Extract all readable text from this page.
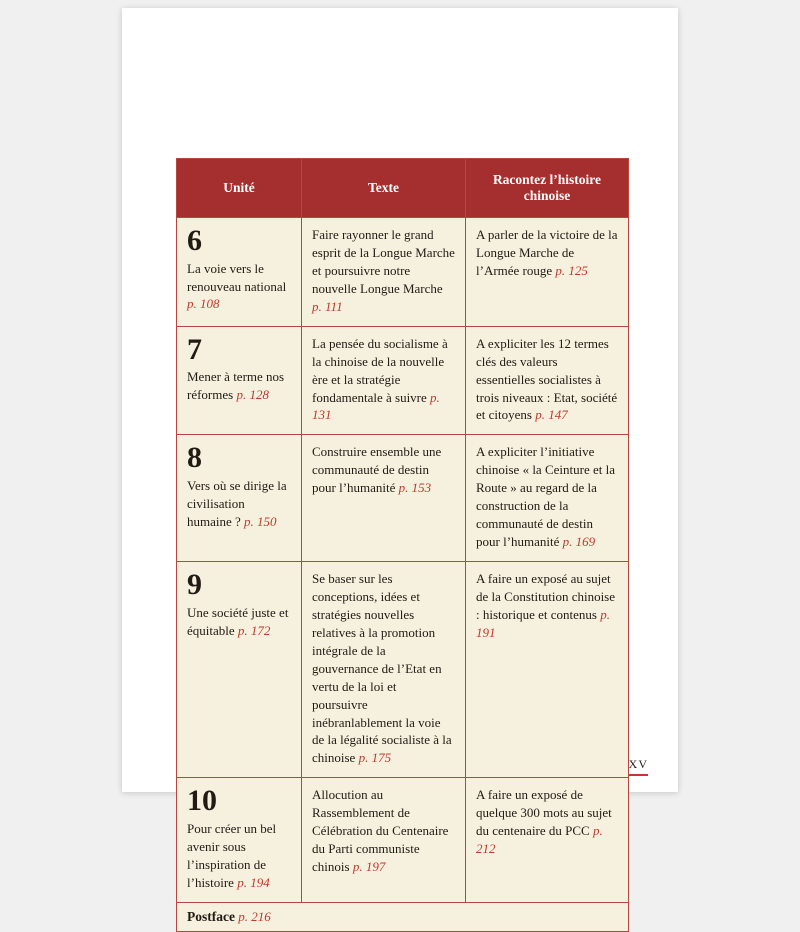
Unité	Texte	Racontez l’histoire chinoise

6
La voie vers le renouveau national p. 108	Faire rayonner le grand esprit de la Longue Marche et poursuivre notre nouvelle Longue Marche p. 111	A parler de la victoire de la Longue Marche de l’Armée rouge p. 125

7
Mener à terme nos réformes p. 128	La pensée du socialisme à la chinoise de la nouvelle ère et la stratégie fondamentale à suivre p. 131	A expliciter les 12 termes clés des valeurs essentielles socialistes à trois niveaux : Etat, société et citoyens p. 147

8
Vers où se dirige la civilisation humaine ? p. 150	Construire ensemble une communauté de destin pour l’humanité p. 153	A expliciter l’initiative chinoise « la Ceinture et la Route » au regard de la construction de la communauté de destin pour l’humanité p. 169

9
Une société juste et équitable p. 172	Se baser sur les conceptions, idées et stratégies nouvelles relatives à la promotion intégrale de la gouvernance de l’Etat en vertu de la loi et poursuivre inébranlablement la voie de la légalité socialiste à la chinoise p. 175	A faire un exposé au sujet de la Constitution chinoise : historique et contenus p. 191

10
Pour créer un bel avenir sous l’inspiration de l’histoire p. 194	Allocution au Rassemblement de Célébration du Centenaire du Parti communiste chinois p. 197	A faire un exposé de quelque 300 mots au sujet du centenaire du PCC p. 212
Postface p. 216		
XV
